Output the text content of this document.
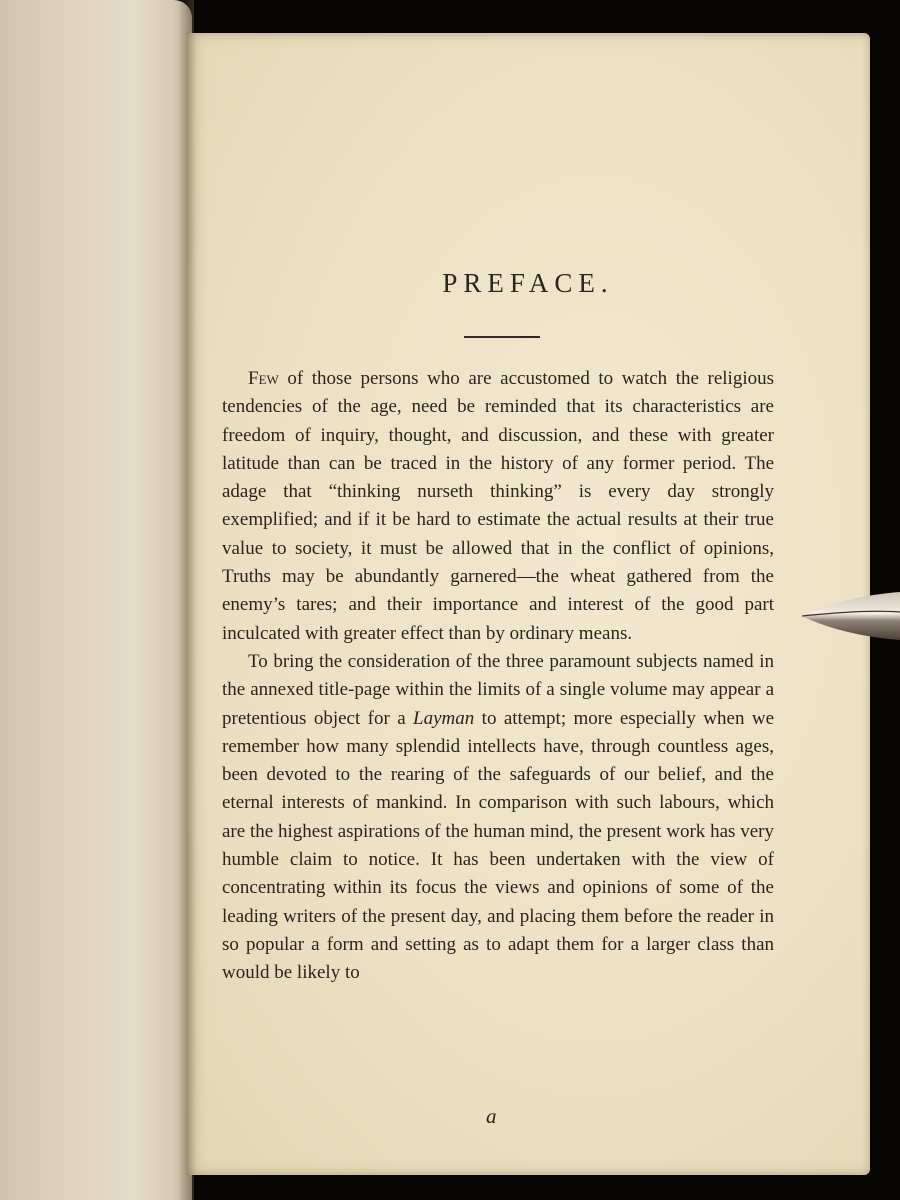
PREFACE.

Few of those persons who are accustomed to watch the religious tendencies of the age, need be reminded that its characteristics are freedom of inquiry, thought, and discussion, and these with greater latitude than can be traced in the history of any former period. The adage that “thinking nurseth thinking” is every day strongly exemplified; and if it be hard to estimate the actual results at their true value to society, it must be allowed that in the conflict of opinions, Truths may be abundantly garnered—the wheat gathered from the enemy’s tares; and their importance and interest of the good part inculcated with greater effect than by ordinary means.

To bring the consideration of the three paramount subjects named in the annexed title-page within the limits of a single volume may appear a pretentious object for a Layman to attempt; more especially when we remember how many splendid intellects have, through countless ages, been devoted to the rearing of the safeguards of our belief, and the eternal interests of mankind. In comparison with such labours, which are the highest aspirations of the human mind, the present work has very humble claim to notice. It has been undertaken with the view of concentrating within its focus the views and opinions of some of the leading writers of the present day, and placing them before the reader in so popular a form and setting as to adapt them for a larger class than would be likely to

a
